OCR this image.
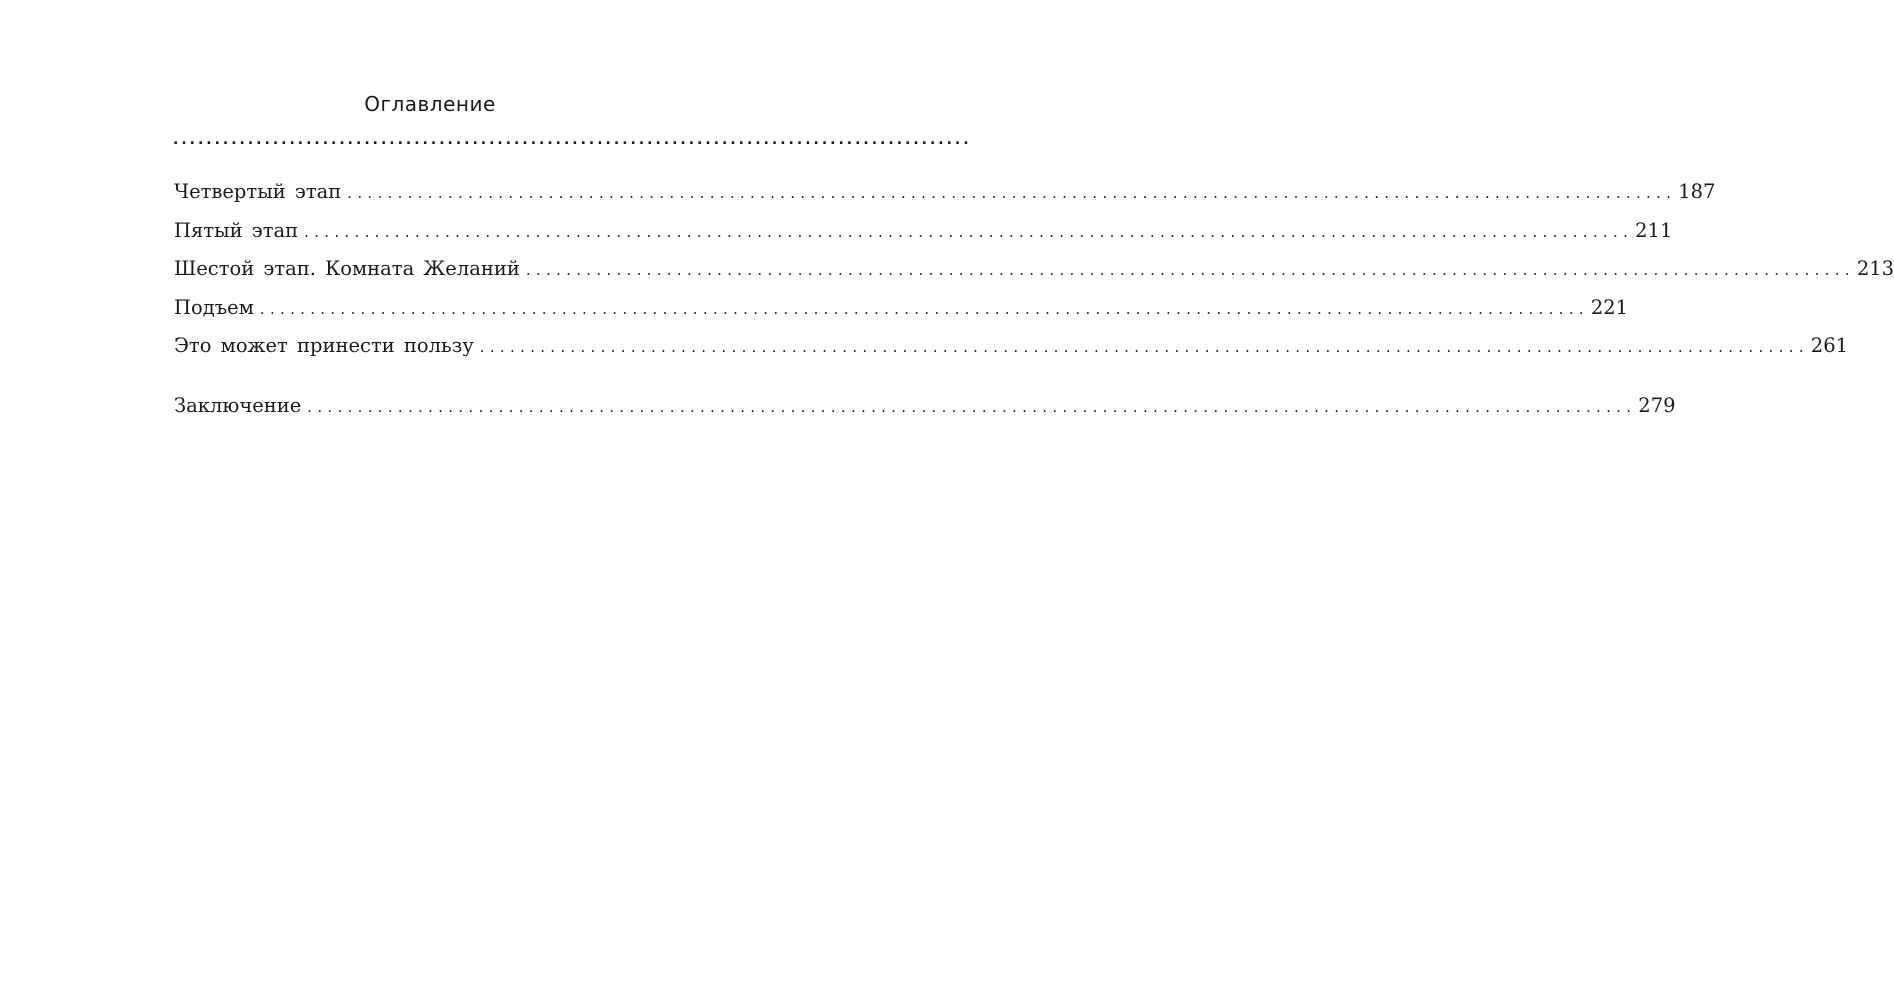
Оглавление
................................................................................................
Четвертый этап .................................................................................................................................... 187
Пятый этап .................................................................................................................................... 211
Шестой этап. Комната Желаний .................................................................................................................................... 213
Подъем .................................................................................................................................... 221
Это может принести пользу .................................................................................................................................... 261
Заключение .................................................................................................................................... 279
